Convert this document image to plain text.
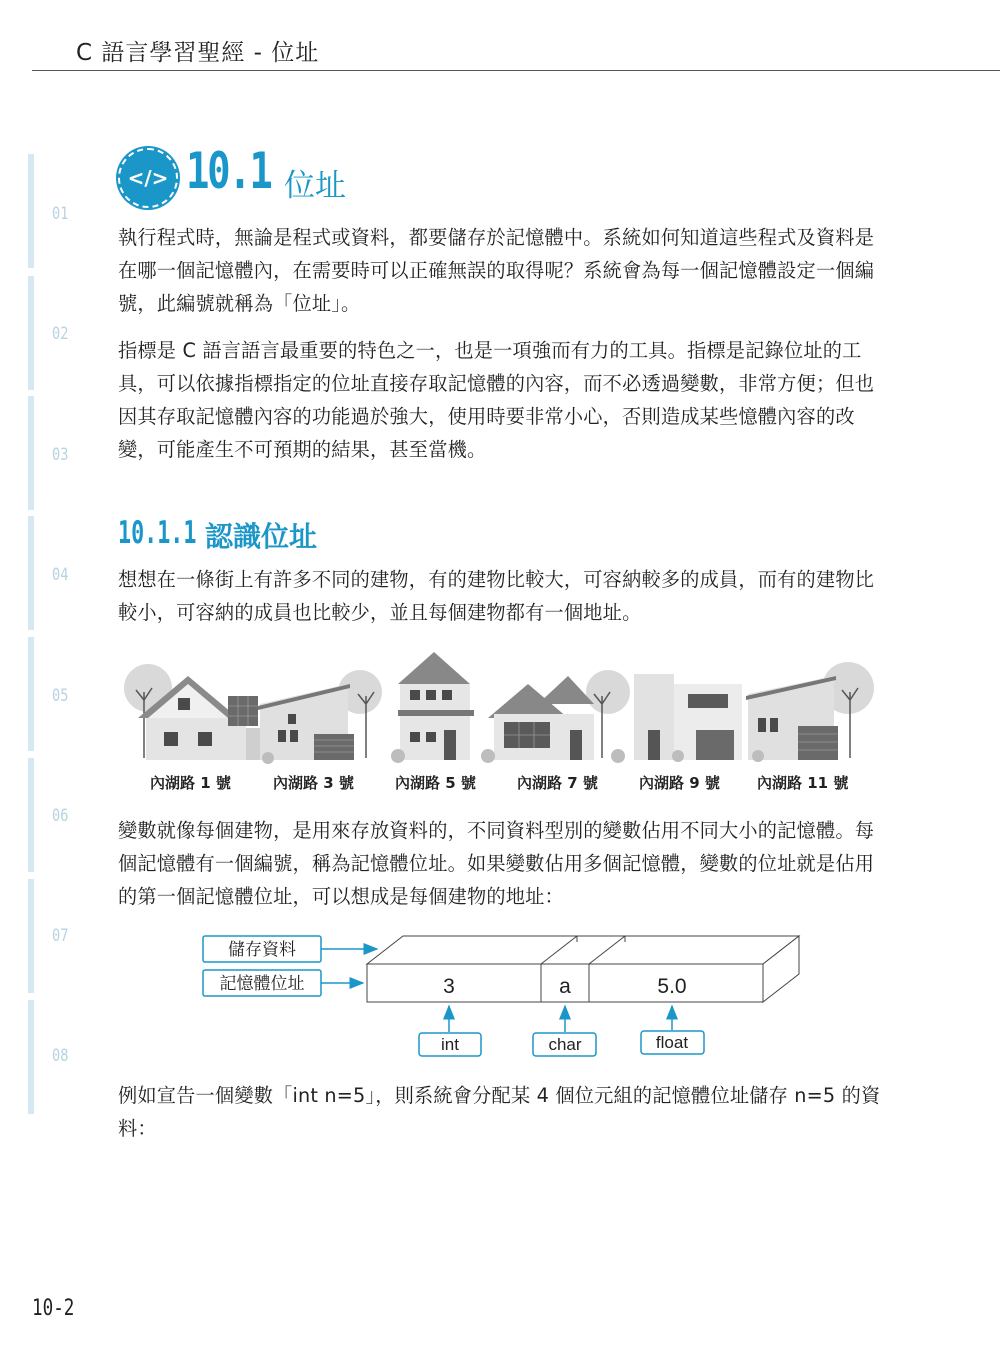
C 語言學習聖經 - 位址
01
02
03
04
05
06
07
08
</> 10.1 位址

執行程式時，無論是程式或資料，都要儲存於記憶體中。系統如何知道這些程式及資料是在哪一個記憶體內，在需要時可以正確無誤的取得呢？系統會為每一個記憶體設定一個編號，此編號就稱為「位址」。

指標是 C 語言語言最重要的特色之一，也是一項強而有力的工具。指標是記錄位址的工具，可以依據指標指定的位址直接存取記憶體的內容，而不必透過變數，非常方便；但也因其存取記憶體內容的功能過於強大，使用時要非常小心，否則造成某些憶體內容的改變，可能產生不可預期的結果，甚至當機。

10.1.1 認識位址

想想在一條街上有許多不同的建物，有的建物比較大，可容納較多的成員，而有的建物比較小，可容納的成員也比較少，並且每個建物都有一個地址。

內湖路 1 號	內湖路 3 號	內湖路 5 號	內湖路 7 號	內湖路 9 號 內湖路 11 號

變數就像每個建物，是用來存放資料的，不同資料型別的變數佔用不同大小的記憶體。每個記憶體有一個編號，稱為記憶體位址。如果變數佔用多個記憶體，變數的位址就是佔用的第一個記憶體位址，可以想成是每個建物的地址：

儲存資料
記憶體位址	3	a	5.0
int	char	float

例如宣告一個變數「int n=5」，則系統會分配某 4 個位元組的記憶體位址儲存 n=5 的資料：

10-2
